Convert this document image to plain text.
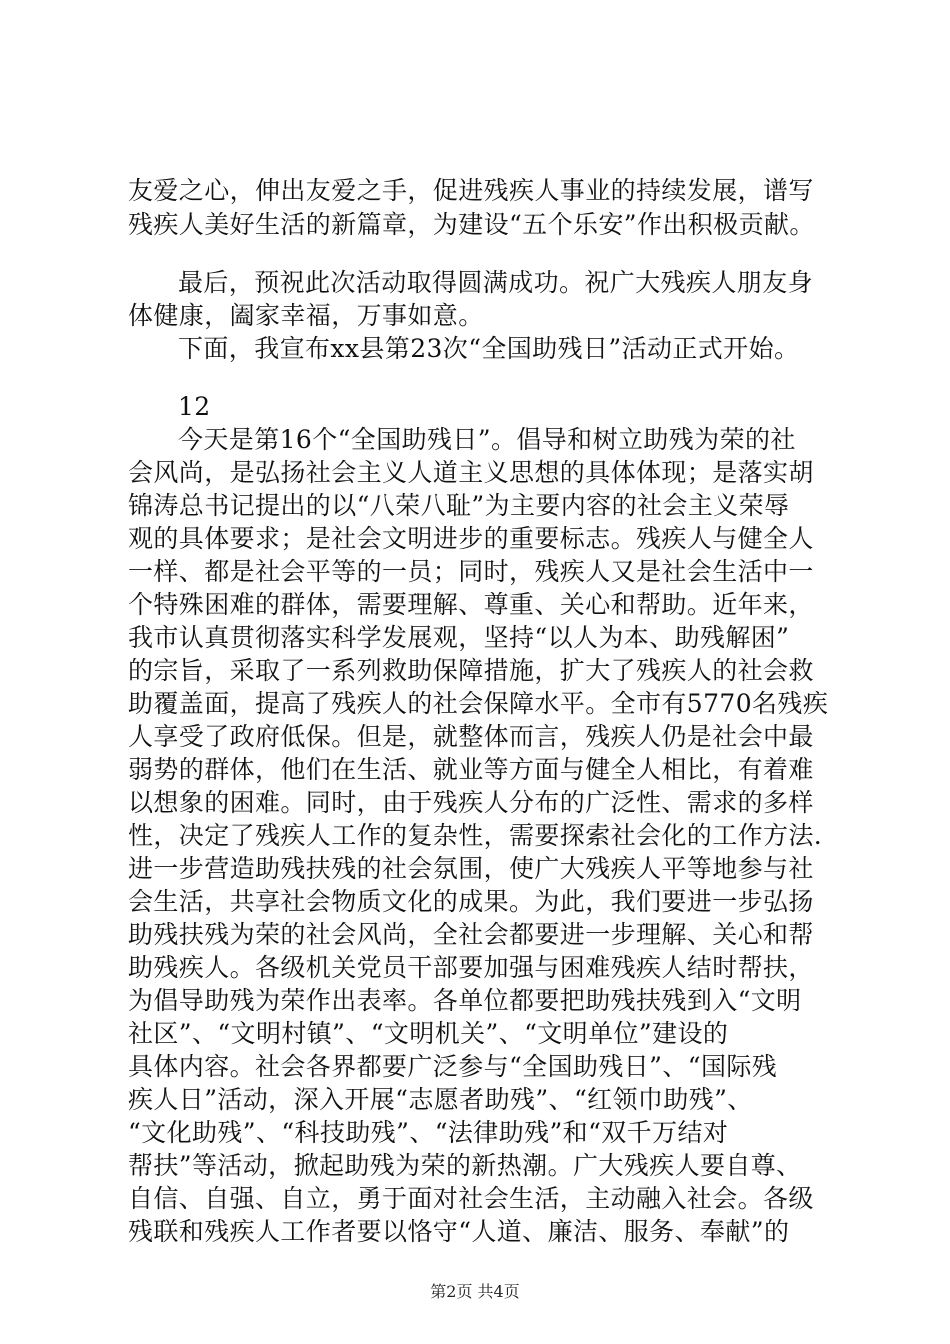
友爱之心，伸出友爱之手，促进残疾人事业的持续发展，谱写
残疾人美好生活的新篇章，为建设“五个乐安”作出积极贡献。
最后，预祝此次活动取得圆满成功。祝广大残疾人朋友身
体健康，阖家幸福，万事如意。
下面，我宣布xx县第23次“全国助残日”活动正式开始。
12
今天是第16个“全国助残日”。倡导和树立助残为荣的社
会风尚，是弘扬社会主义人道主义思想的具体体现；是落实胡
锦涛总书记提出的以“八荣八耻”为主要内容的社会主义荣辱
观的具体要求；是社会文明进步的重要标志。残疾人与健全人
一样、都是社会平等的一员；同时，残疾人又是社会生活中一
个特殊困难的群体，需要理解、尊重、关心和帮助。近年来，
我市认真贯彻落实科学发展观，坚持“以人为本、助残解困”
的宗旨，采取了一系列救助保障措施，扩大了残疾人的社会救
助覆盖面，提高了残疾人的社会保障水平。全市有5770名残疾
人享受了政府低保。但是，就整体而言，残疾人仍是社会中最
弱势的群体，他们在生活、就业等方面与健全人相比，有着难
以想象的困难。同时，由于残疾人分布的广泛性、需求的多样
性，决定了残疾人工作的复杂性，需要探索社会化的工作方法.
进一步营造助残扶残的社会氛围，使广大残疾人平等地参与社
会生活，共享社会物质文化的成果。为此，我们要进一步弘扬
助残扶残为荣的社会风尚，全社会都要进一步理解、关心和帮
助残疾人。各级机关党员干部要加强与困难残疾人结时帮扶，
为倡导助残为荣作出表率。各单位都要把助残扶残到入“文明
社区”、“文明村镇”、“文明机关”、“文明单位”建设的
具体内容。社会各界都要广泛参与“全国助残日”、“国际残
疾人日”活动，深入开展“志愿者助残”、“红领巾助残”、
“文化助残”、“科技助残”、“法律助残”和“双千万结对
帮扶”等活动，掀起助残为荣的新热潮。广大残疾人要自尊、
自信、自强、自立，勇于面对社会生活，主动融入社会。各级
残联和残疾人工作者要以恪守“人道、廉洁、服务、奉献”的
第2页 共4页
